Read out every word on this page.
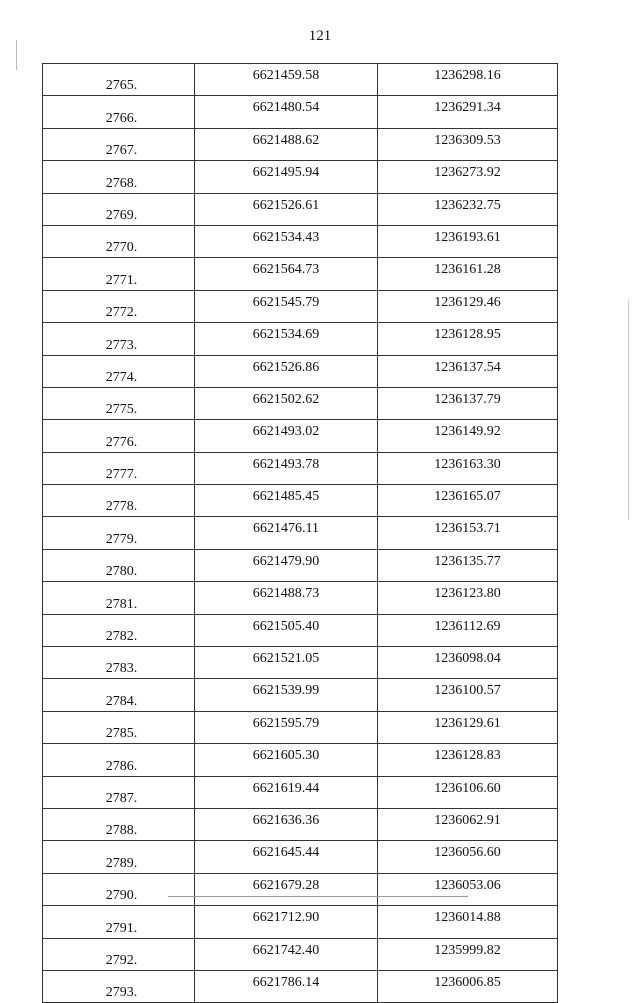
121
2765.	6621459.58	1236298.16
2766.	6621480.54	1236291.34
2767.	6621488.62	1236309.53
2768.	6621495.94	1236273.92
2769.	6621526.61	1236232.75
2770.	6621534.43	1236193.61
2771.	6621564.73	1236161.28
2772.	6621545.79	1236129.46
2773.	6621534.69	1236128.95
2774.	6621526.86	1236137.54
2775.	6621502.62	1236137.79
2776.	6621493.02	1236149.92
2777.	6621493.78	1236163.30
2778.	6621485.45	1236165.07
2779.	6621476.11	1236153.71
2780.	6621479.90	1236135.77
2781.	6621488.73	1236123.80
2782.	6621505.40	1236112.69
2783.	6621521.05	1236098.04
2784.	6621539.99	1236100.57
2785.	6621595.79	1236129.61
2786.	6621605.30	1236128.83
2787.	6621619.44	1236106.60
2788.	6621636.36	1236062.91
2789.	6621645.44	1236056.60
2790.	6621679.28	1236053.06
2791.	6621712.90	1236014.88
2792.	6621742.40	1235999.82
2793.	6621786.14	1236006.85
